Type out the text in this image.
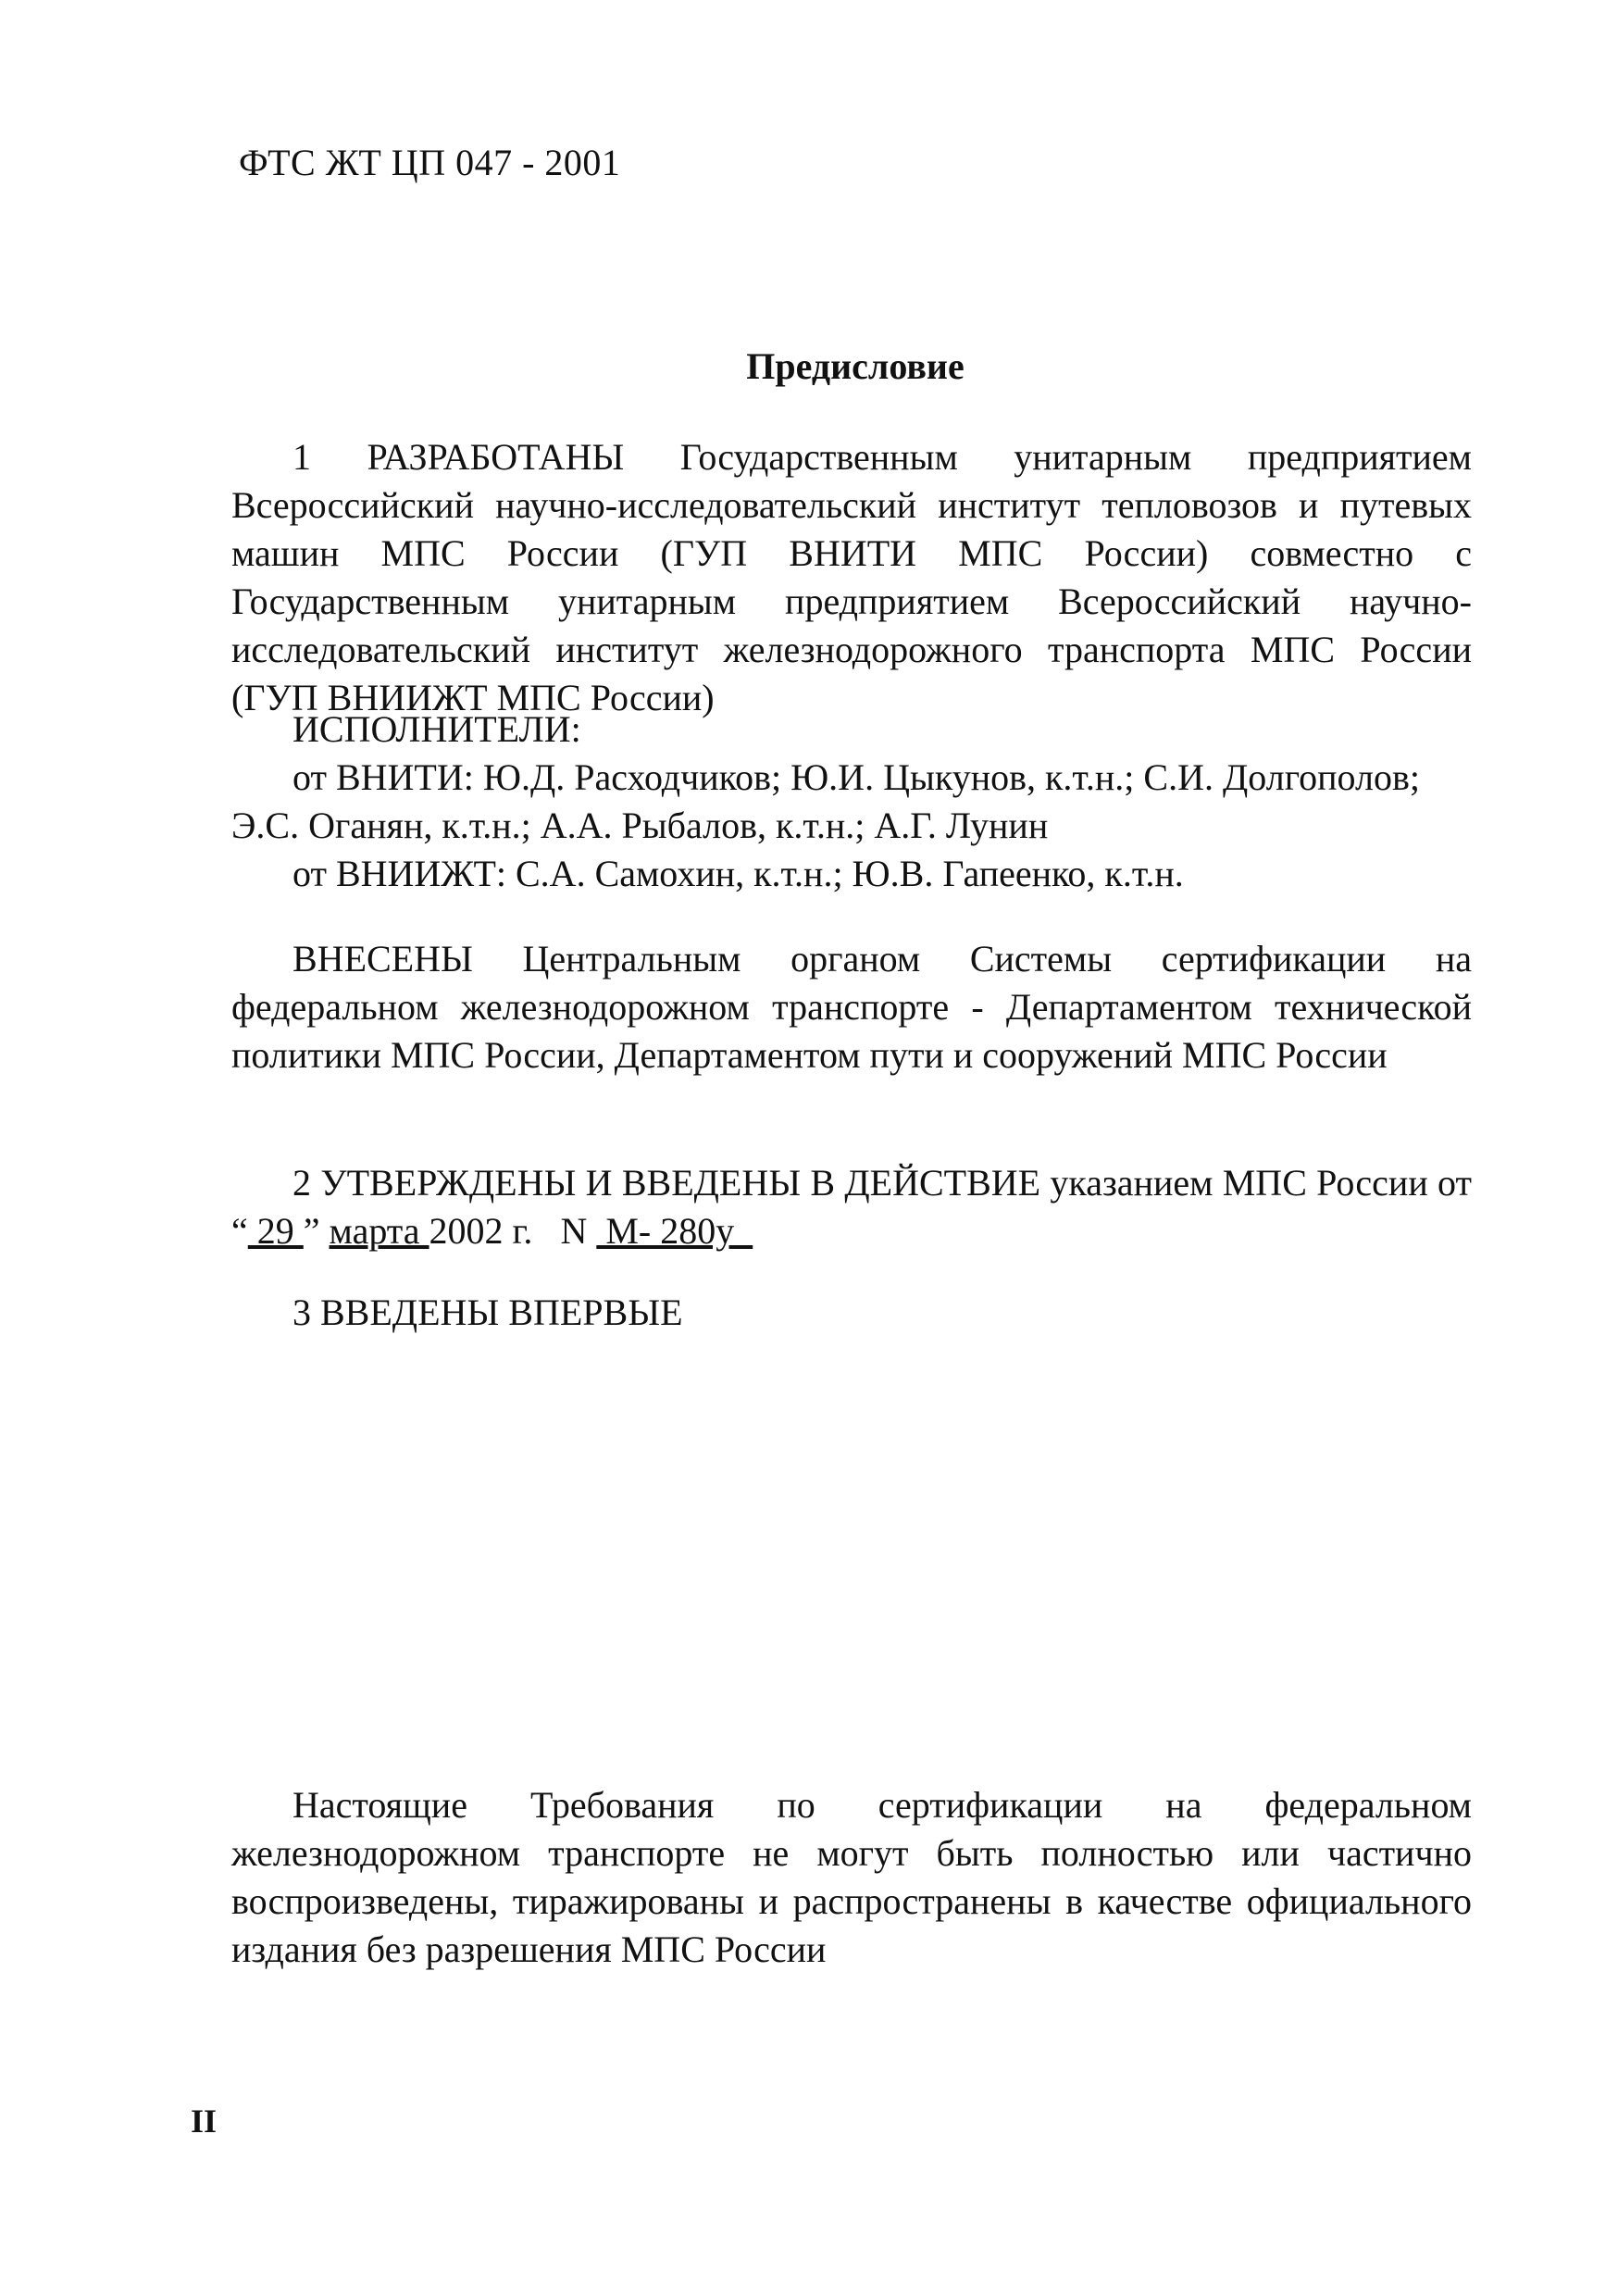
ФТС ЖТ ЦП 047 - 2001
Предисловие
1 РАЗРАБОТАНЫ Государственным унитарным предприятием Всероссийский научно-исследовательский институт тепловозов и путевых машин МПС России (ГУП ВНИТИ МПС России) совместно с Государственным унитарным предприятием Всероссийский научно-исследовательский институт железнодорожного транспорта МПС России (ГУП ВНИИЖТ МПС России)
ИСПОЛНИТЕЛИ:
от ВНИТИ: Ю.Д. Расходчиков; Ю.И. Цыкунов, к.т.н.; С.И. Долгополов;
Э.С. Оганян, к.т.н.; А.А. Рыбалов, к.т.н.; А.Г. Лунин
от ВНИИЖТ: С.А. Самохин, к.т.н.; Ю.В. Гапеенко, к.т.н.
ВНЕСЕНЫ Центральным органом Системы сертификации на федеральном железнодорожном транспорте - Департаментом технической политики МПС России, Департаментом пути и сооружений МПС России
2 УТВЕРЖДЕНЫ И ВВЕДЕНЫ В ДЕЙСТВИЕ указанием МПС России от “ 29 ” марта 2002 г.   N  М- 280у
3 ВВЕДЕНЫ ВПЕРВЫЕ
Настоящие Требования по сертификации на федеральном железнодорожном транспорте не могут быть полностью или частично воспроизведены, тиражированы и распространены в качестве официального издания без разрешения МПС России
II
